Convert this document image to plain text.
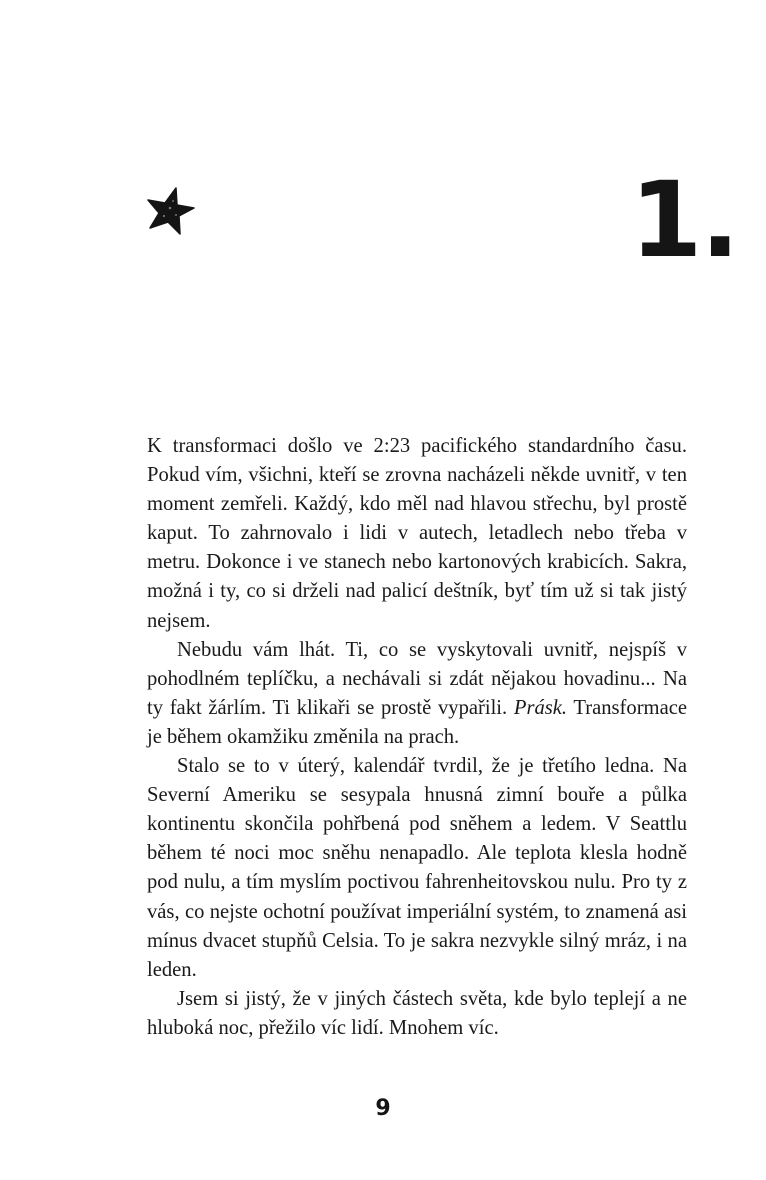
1.

K transformaci došlo ve 2:23 pacifického standardního času. Pokud vím, všichni, kteří se zrovna nacházeli někde uvnitř, v ten moment zemřeli. Každý, kdo měl nad hlavou střechu, byl prostě kaput. To zahrnovalo i lidi v autech, letadlech nebo třeba v metru. Dokonce i ve stanech nebo kartonových krabicích. Sakra, možná i ty, co si drželi nad palicí deštník, byť tím už si tak jistý nejsem.

Nebudu vám lhát. Ti, co se vyskytovali uvnitř, nejspíš v pohodlném teplíčku, a nechávali si zdát nějakou hovadinu... Na ty fakt žárlím. Ti klikaři se prostě vypařili. Prásk. Transformace je během okamžiku změnila na prach.

Stalo se to v úterý, kalendář tvrdil, že je třetího ledna. Na Severní Ameriku se sesypala hnusná zimní bouře a půlka kontinentu skončila pohřbená pod sněhem a ledem. V Seattlu během té noci moc sněhu nenapadlo. Ale teplota klesla hodně pod nulu, a tím myslím poctivou fahrenheitovskou nulu. Pro ty z vás, co nejste ochotní používat imperiální systém, to znamená asi mínus dvacet stupňů Celsia. To je sakra nezvykle silný mráz, i na leden.

Jsem si jistý, že v jiných částech světa, kde bylo teplejí a ne hluboká noc, přežilo víc lidí. Mnohem víc.

9
